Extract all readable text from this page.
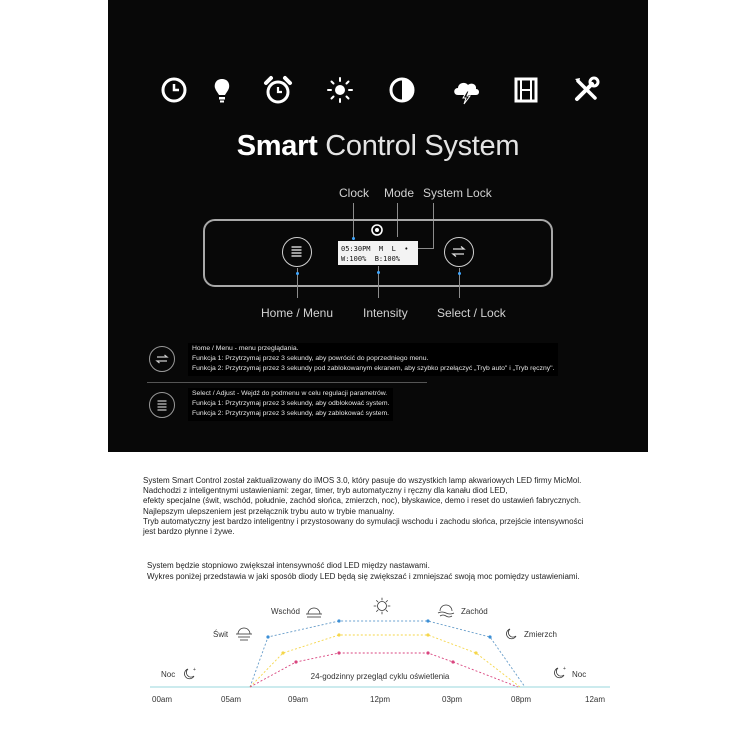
Smart Control System
Clock Mode System Lock
05:30PM  M  L  •
W:100%  B:100%
Home / Menu Intensity Select / Lock
Home / Menu - menu przeglądania.
Funkcja 1: Przytrzymaj przez 3 sekundy, aby powrócić do poprzedniego menu.
Funkcja 2: Przytrzymaj przez 3 sekundy pod zablokowanym ekranem, aby szybko przełączyć „Tryb auto" i „Tryb ręczny".
Select / Adjust - Wejdź do podmenu w celu regulacji parametrów.
Funkcja 1: Przytrzymaj przez 3 sekundy, aby odblokować system.
Funkcja 2: Przytrzymaj przez 3 sekundy, aby zablokować system.
System Smart Control został zaktualizowany do iMOS 3.0, który pasuje do wszystkich lamp akwariowych LED firmy MicMol.
Nadchodzi z inteligentnymi ustawieniami: zegar, timer, tryb automatyczny i ręczny dla kanału diod LED,
efekty specjalne (świt, wschód, południe, zachód słońca, zmierzch, noc), błyskawice, demo i reset do ustawień fabrycznych.
Najlepszym ulepszeniem jest przełącznik trybu auto w trybie manualny.
Tryb automatyczny jest bardzo inteligentny i przystosowany do symulacji wschodu i zachodu słońca, przejście intensywności
jest bardzo płynne i żywe.
System będzie stopniowo zwiększał intensywność diod LED między nastawami.
Wykres poniżej przedstawia w jaki sposób diody LED będą się zwiększać i zmniejszać swoją moc pomiędzy ustawieniami.
Noc	+
Świt
Wschód	Zachód
Zmierzch
+
Noc
24-godzinny przegląd cyklu oświetlenia
00am	05am	09am	12pm	03pm	08pm	12am
